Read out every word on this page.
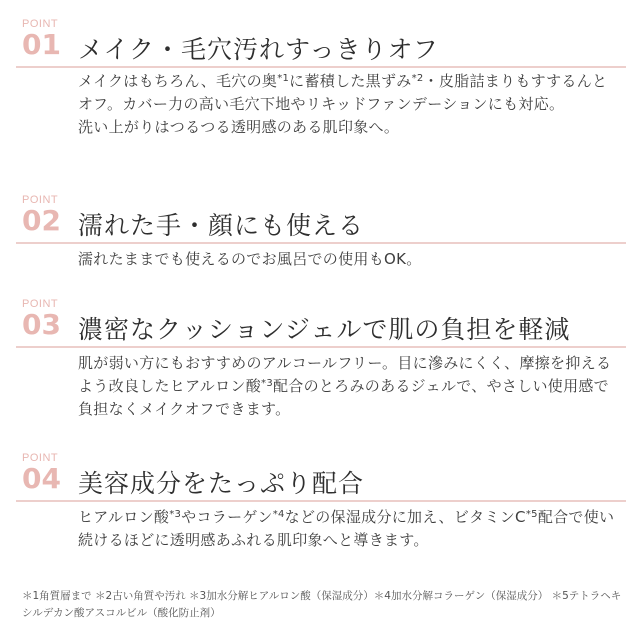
POINT
01 メイク・毛穴汚れすっきりオフ
メイクはもちろん、毛穴の奥$^{*1}$に蓄積した黒ずみ$^{*2}$・皮脂詰まりもすするんとオフ。カバー力の高い毛穴下地やリキッドファンデーションにも対応。
洗い上がりはつるつる透明感のある肌印象へ。
POINT
02 濡れた手・顔にも使える
濡れたままでも使えるのでお風呂での使用もOK。
POINT
03 濃密なクッションジェルで肌の負担を軽減
肌が弱い方にもおすすめのアルコールフリー。目に滲みにくく、摩擦を抑えるよう改良したヒアルロン酸$^{*3}$配合のとろみのあるジェルで、やさしい使用感で負担なくメイクオフできます。
POINT
04 美容成分をたっぷり配合
ヒアルロン酸$^{*3}$やコラーゲン$^{*4}$などの保湿成分に加え、ビタミン$C^{*5}$配合で使い続けるほどに透明感あふれる肌印象へと導きます。
＊1角質層まで ＊2古い角質や汚れ ＊3加水分解ヒアルロン酸（保湿成分）＊4加水分解コラーゲン（保湿成分） ＊5テトラヘキシルデカン酸アスコルビル（酸化防止剤）
